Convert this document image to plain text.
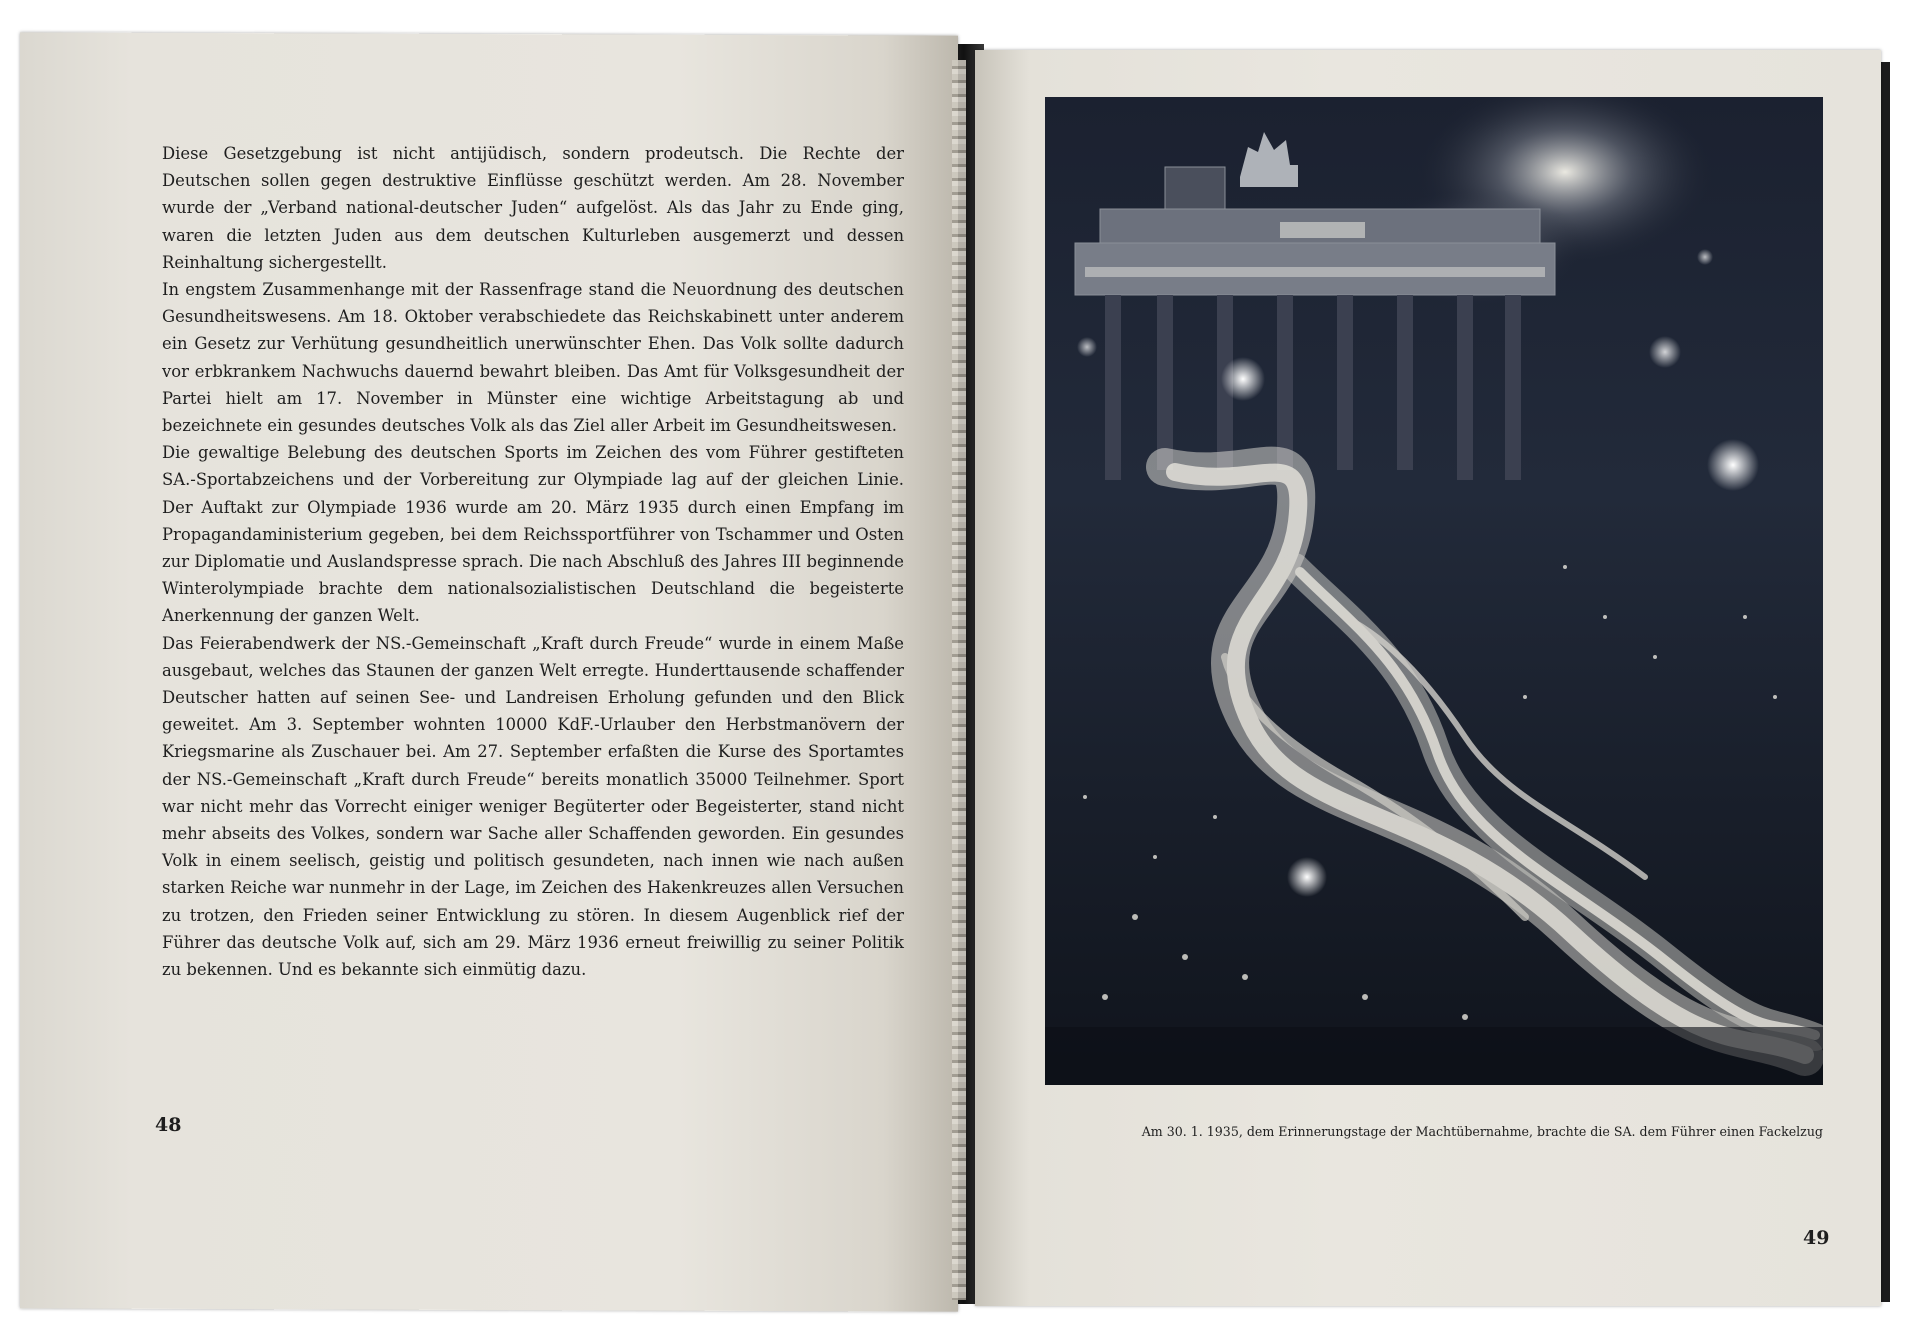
Diese Gesetzgebung ist nicht antijüdisch, sondern prodeutsch. Die Rechte der Deutschen sollen gegen destruktive Einflüsse geschützt werden. Am 28. November wurde der „Verband national-deutscher Juden“ aufgelöst. Als das Jahr zu Ende ging, waren die letzten Juden aus dem deutschen Kulturleben ausgemerzt und dessen Reinhaltung sichergestellt.

In engstem Zusammenhange mit der Rassenfrage stand die Neuordnung des deutschen Gesundheitswesens. Am 18. Oktober verabschiedete das Reichskabinett unter anderem ein Gesetz zur Verhütung gesundheitlich unerwünschter Ehen. Das Volk sollte dadurch vor erbkrankem Nachwuchs dauernd bewahrt bleiben. Das Amt für Volksgesundheit der Partei hielt am 17. November in Münster eine wichtige Arbeitstagung ab und bezeichnete ein gesundes deutsches Volk als das Ziel aller Arbeit im Gesundheitswesen.

Die gewaltige Belebung des deutschen Sports im Zeichen des vom Führer gestifteten SA.-Sportabzeichens und der Vorbereitung zur Olympiade lag auf der gleichen Linie. Der Auftakt zur Olympiade 1936 wurde am 20. März 1935 durch einen Empfang im Propagandaministerium gegeben, bei dem Reichssportführer von Tschammer und Osten zur Diplomatie und Auslandspresse sprach. Die nach Abschluß des Jahres III beginnende Winterolympiade brachte dem nationalsozialistischen Deutschland die begeisterte Anerkennung der ganzen Welt.

Das Feierabendwerk der NS.-Gemeinschaft „Kraft durch Freude“ wurde in einem Maße ausgebaut, welches das Staunen der ganzen Welt erregte. Hunderttausende schaffender Deutscher hatten auf seinen See- und Landreisen Erholung gefunden und den Blick geweitet. Am 3. September wohnten 10000 KdF.-Urlauber den Herbstmanövern der Kriegsmarine als Zuschauer bei. Am 27. September erfaßten die Kurse des Sportamtes der NS.-Gemeinschaft „Kraft durch Freude“ bereits monatlich 35000 Teilnehmer. Sport war nicht mehr das Vorrecht einiger weniger Begüterter oder Begeisterter, stand nicht mehr abseits des Volkes, sondern war Sache aller Schaffenden geworden. Ein gesundes Volk in einem seelisch, geistig und politisch gesundeten, nach innen wie nach außen starken Reiche war nunmehr in der Lage, im Zeichen des Hakenkreuzes allen Versuchen zu trotzen, den Frieden seiner Entwicklung zu stören. In diesem Augenblick rief der Führer das deutsche Volk auf, sich am 29. März 1936 erneut freiwillig zu seiner Politik zu bekennen. Und es bekannte sich einmütig dazu.

48	Am 30. 1. 1935, dem Erinnerungstage der Machtübernahme, brachte die SA. dem Führer einen Fackelzug
49
